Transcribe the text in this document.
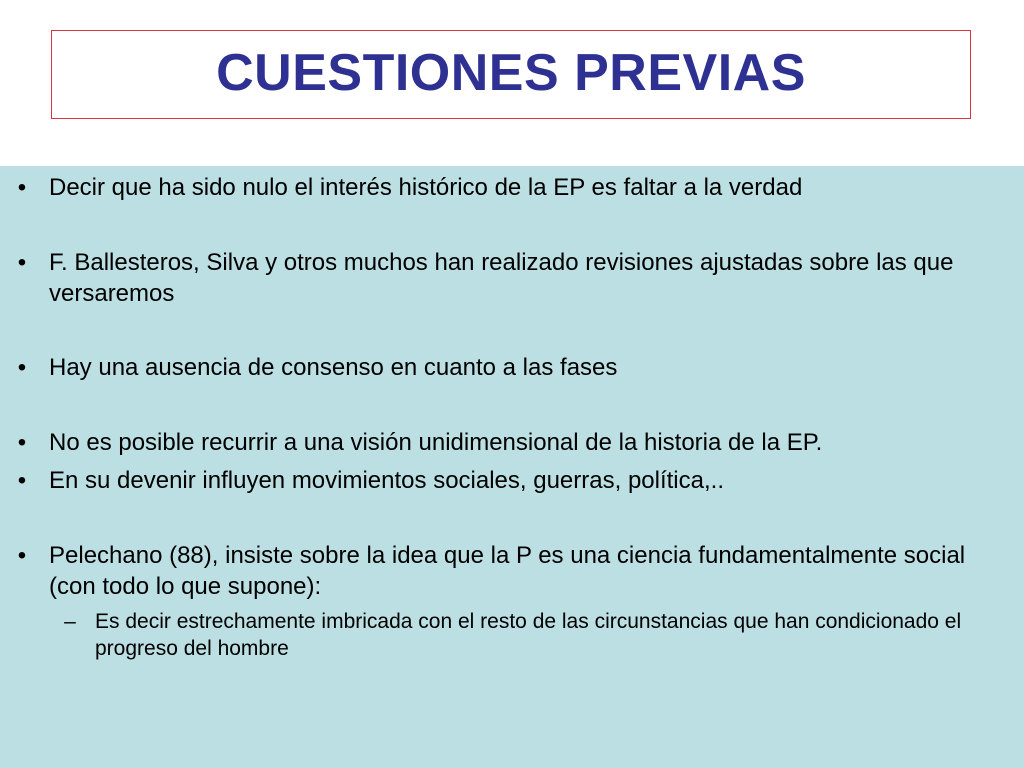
CUESTIONES PREVIAS
• Decir que ha sido nulo el interés histórico de la EP es faltar a la verdad
• F. Ballesteros, Silva y otros muchos han realizado revisiones ajustadas sobre las que versaremos
• Hay una ausencia de consenso en cuanto a las fases
• No es posible recurrir a una visión unidimensional de la historia de la EP.
• En su devenir influyen movimientos sociales, guerras, política,..
• Pelechano (88), insiste sobre la idea que la P es una ciencia fundamentalmente social (con todo lo que supone):
– Es decir estrechamente imbricada con el resto de las circunstancias que han condicionado el progreso del hombre
